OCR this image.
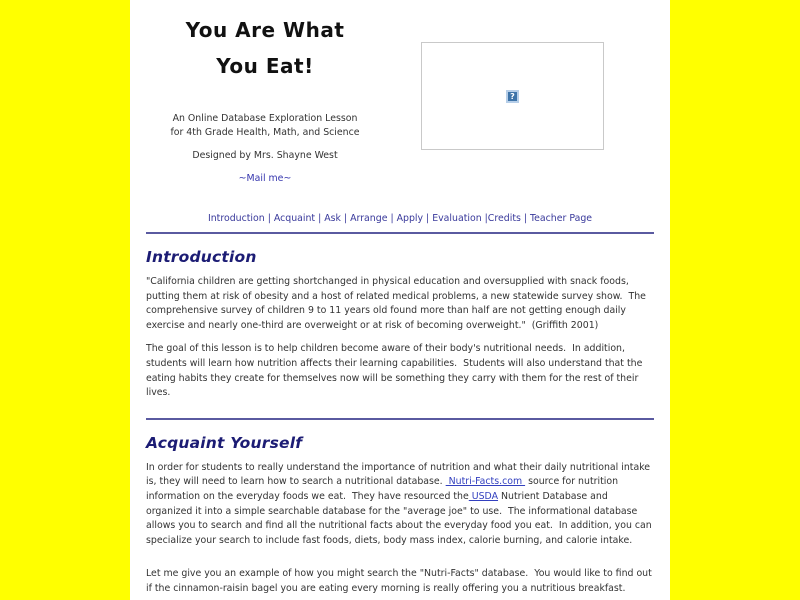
You Are What
You Eat!
An Online Database Exploration Lesson
for 4th Grade Health, Math, and Science
Designed by Mrs. Shayne West
~Mail me~
?
Introduction | Acquaint | Ask | Arrange | Apply | Evaluation |Credits | Teacher Page
Introduction

"California children are getting shortchanged in physical education and oversupplied with snack foods, putting them at risk of obesity and a host of related medical problems, a new statewide survey show.  The comprehensive survey of children 9 to 11 years old found more than half are not getting enough daily exercise and nearly one-third are overweight or at risk of becoming overweight."  (Griffith 2001)

The goal of this lesson is to help children become aware of their body's nutritional needs.  In addition, students will learn how nutrition affects their learning capabilities.  Students will also understand that the eating habits they create for themselves now will be something they carry with them for the rest of their lives.

Acquaint Yourself

In order for students to really understand the importance of nutrition and what their daily nutritional intake is, they will need to learn how to search a nutritional database.  Nutri-Facts.com  source for nutrition information on the everyday foods we eat.  They have resourced the USDA Nutrient Database and organized it into a simple searchable database for the "average joe" to use.  The informational database allows you to search and find all the nutritional facts about the everyday food you eat.  In addition, you can specialize your search to include fast foods, diets, body mass index, calorie burning, and calorie intake.

Let me give you an example of how you might search the "Nutri-Facts" database.  You would like to find out if the cinnamon-raisin bagel you are eating every morning is really offering you a nutritious breakfast.
